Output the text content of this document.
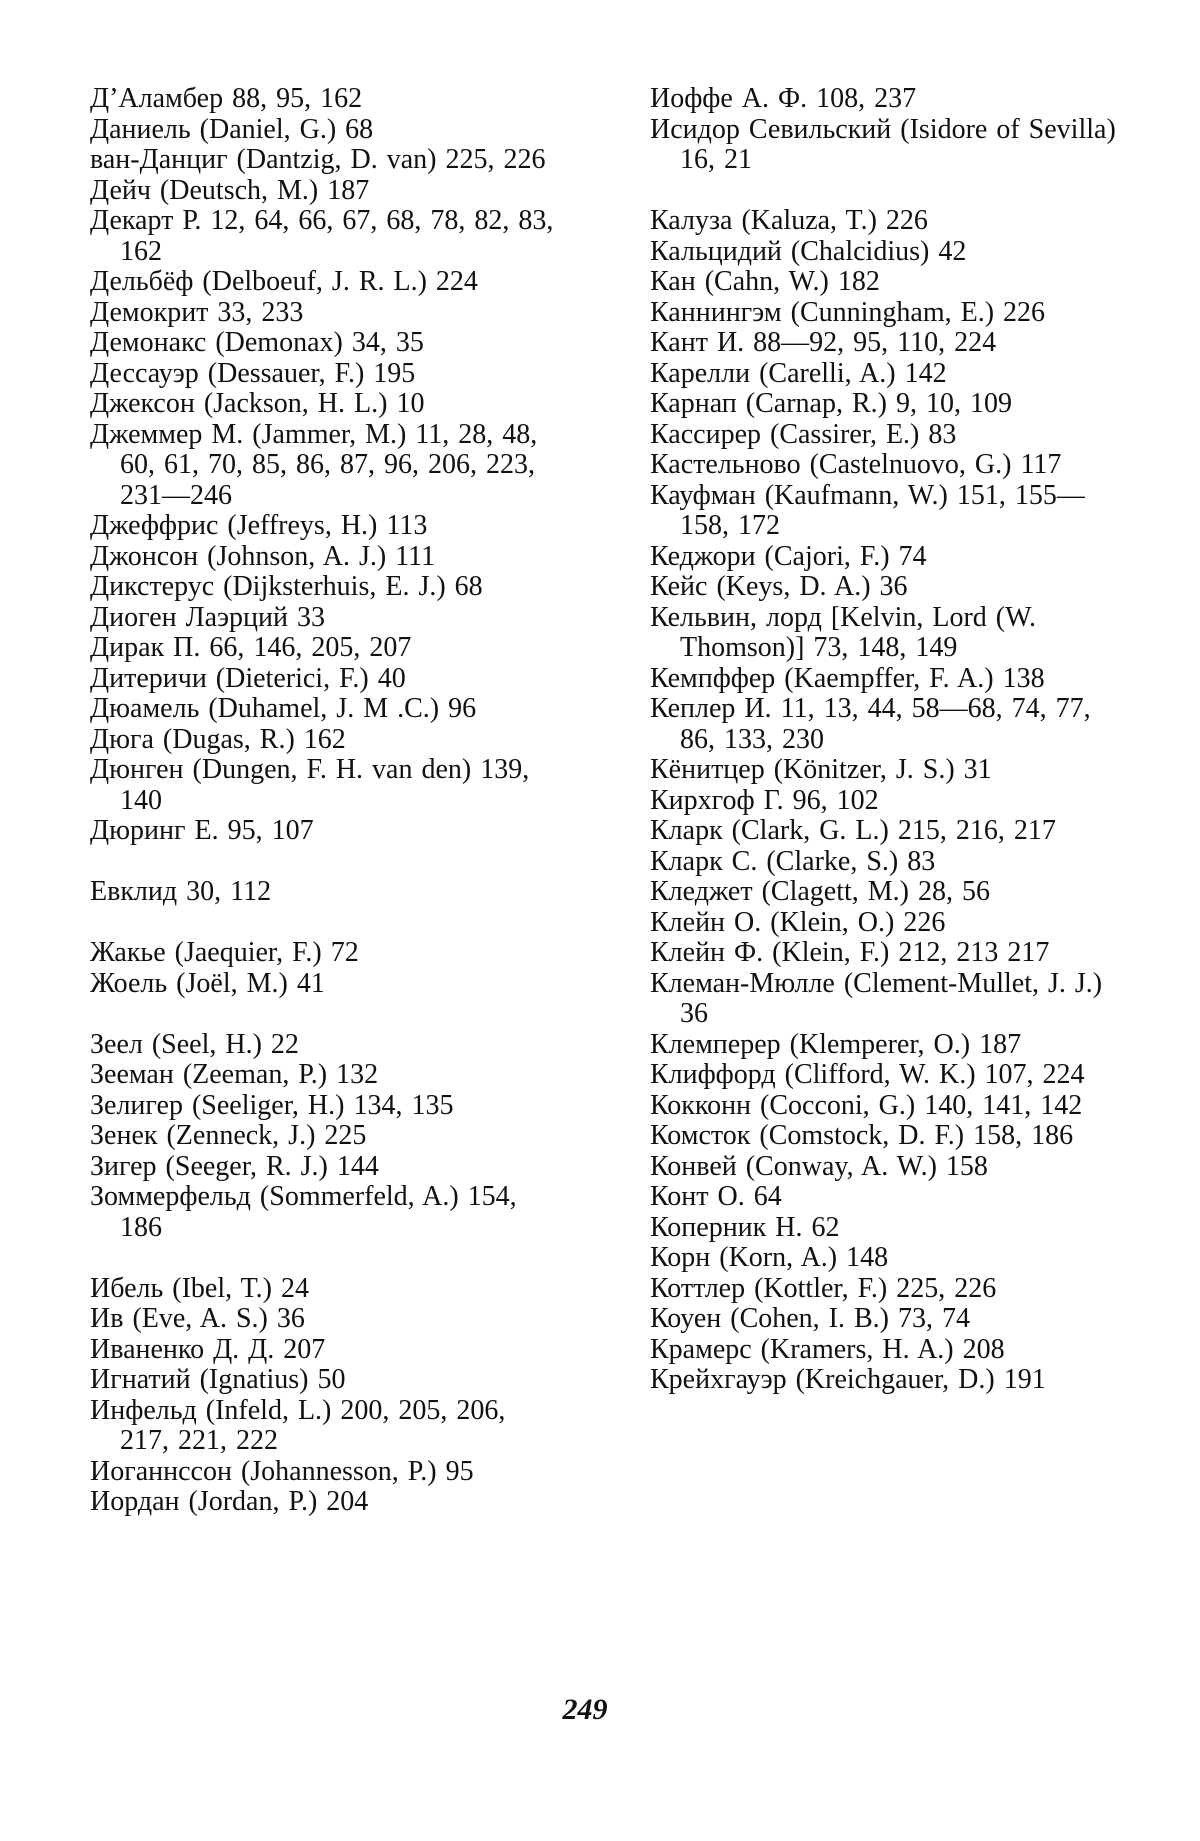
Д’Аламбер 88, 95, 162

Даниель (Daniel, G.) 68

ван-Данциг (Dantzig, D. van) 225, 226

Дейч (Deutsch, M.) 187

Декарт Р. 12, 64, 66, 67, 68, 78, 82, 83, 162

Дельбёф (Delboeuf, J. R. L.) 224

Демокрит 33, 233

Демонакс (Demonax) 34, 35

Дессауэр (Dessauer, F.) 195

Джексон (Jackson, H. L.) 10

Джеммер М. (Jammer, M.) 11, 28, 48, 60, 61, 70, 85, 86, 87, 96, 206, 223, 231—246

Джеффрис (Jeffreys, H.) 113

Джонсон (Johnson, A. J.) 111

Дикстерус (Dijksterhuis, E. J.) 68

Диоген Лаэрций 33

Дирак П. 66, 146, 205, 207

Дитеричи (Dieterici, F.) 40

Дюамель (Duhamel, J. M .C.) 96

Дюга (Dugas, R.) 162

Дюнген (Dungen, F. H. van den) 139, 140

Дюринг Е. 95, 107

Евклид 30, 112

Жакье (Jaequier, F.) 72

Жоель (Joël, M.) 41

Зеел (Seel, H.) 22

Зееман (Zeeman, P.) 132

Зелигер (Seeliger, H.) 134, 135

Зенек (Zenneck, J.) 225

Зигер (Seeger, R. J.) 144

Зоммерфельд (Sommerfeld, A.) 154, 186

Ибель (Ibel, T.) 24

Ив (Eve, A. S.) 36

Иваненко Д. Д. 207

Игнатий (Ignatius) 50

Инфельд (Infeld, L.) 200, 205, 206, 217, 221, 222

Иоганнссон (Johannesson, P.) 95

Иордан (Jordan, P.) 204

Иоффе А. Ф. 108, 237

Исидор Севильский (Isidore of Sevilla) 16, 21

Калуза (Kaluza, T.) 226

Кальцидий (Chalcidius) 42

Кан (Cahn, W.) 182

Каннингэм (Cunningham, E.) 226

Кант И. 88—92, 95, 110, 224

Карелли (Carelli, A.) 142

Карнап (Carnap, R.) 9, 10, 109

Кассирер (Cassirer, E.) 83

Кастельново (Castelnuovo, G.) 117

Кауфман (Kaufmann, W.) 151, 155—158, 172

Кеджори (Cajori, F.) 74

Кейс (Keys, D. A.) 36

Кельвин, лорд [Kelvin, Lord (W. Thomson)] 73, 148, 149

Кемпффер (Kaempffer, F. A.) 138

Кеплер И. 11, 13, 44, 58—68, 74, 77, 86, 133, 230

Кёнитцер (Könitzer, J. S.) 31

Кирхгоф Г. 96, 102

Кларк (Clark, G. L.) 215, 216, 217

Кларк С. (Clarke, S.) 83

Кледжет (Clagett, M.) 28, 56

Клейн О. (Klein, O.) 226

Клейн Ф. (Klein, F.) 212, 213 217

Клеман-Мюлле (Clement-Mullet, J. J.) 36

Клемперер (Klemperer, O.) 187

Клиффорд (Clifford, W. K.) 107, 224

Кокконн (Cocconi, G.) 140, 141, 142

Комсток (Comstock, D. F.) 158, 186

Конвей (Conway, A. W.) 158

Конт О. 64

Коперник Н. 62

Корн (Korn, A.) 148

Коттлер (Kottler, F.) 225, 226

Коуен (Cohen, I. B.) 73, 74

Крамерс (Kramers, H. A.) 208

Крейхгауэр (Kreichgauer, D.) 191

249
